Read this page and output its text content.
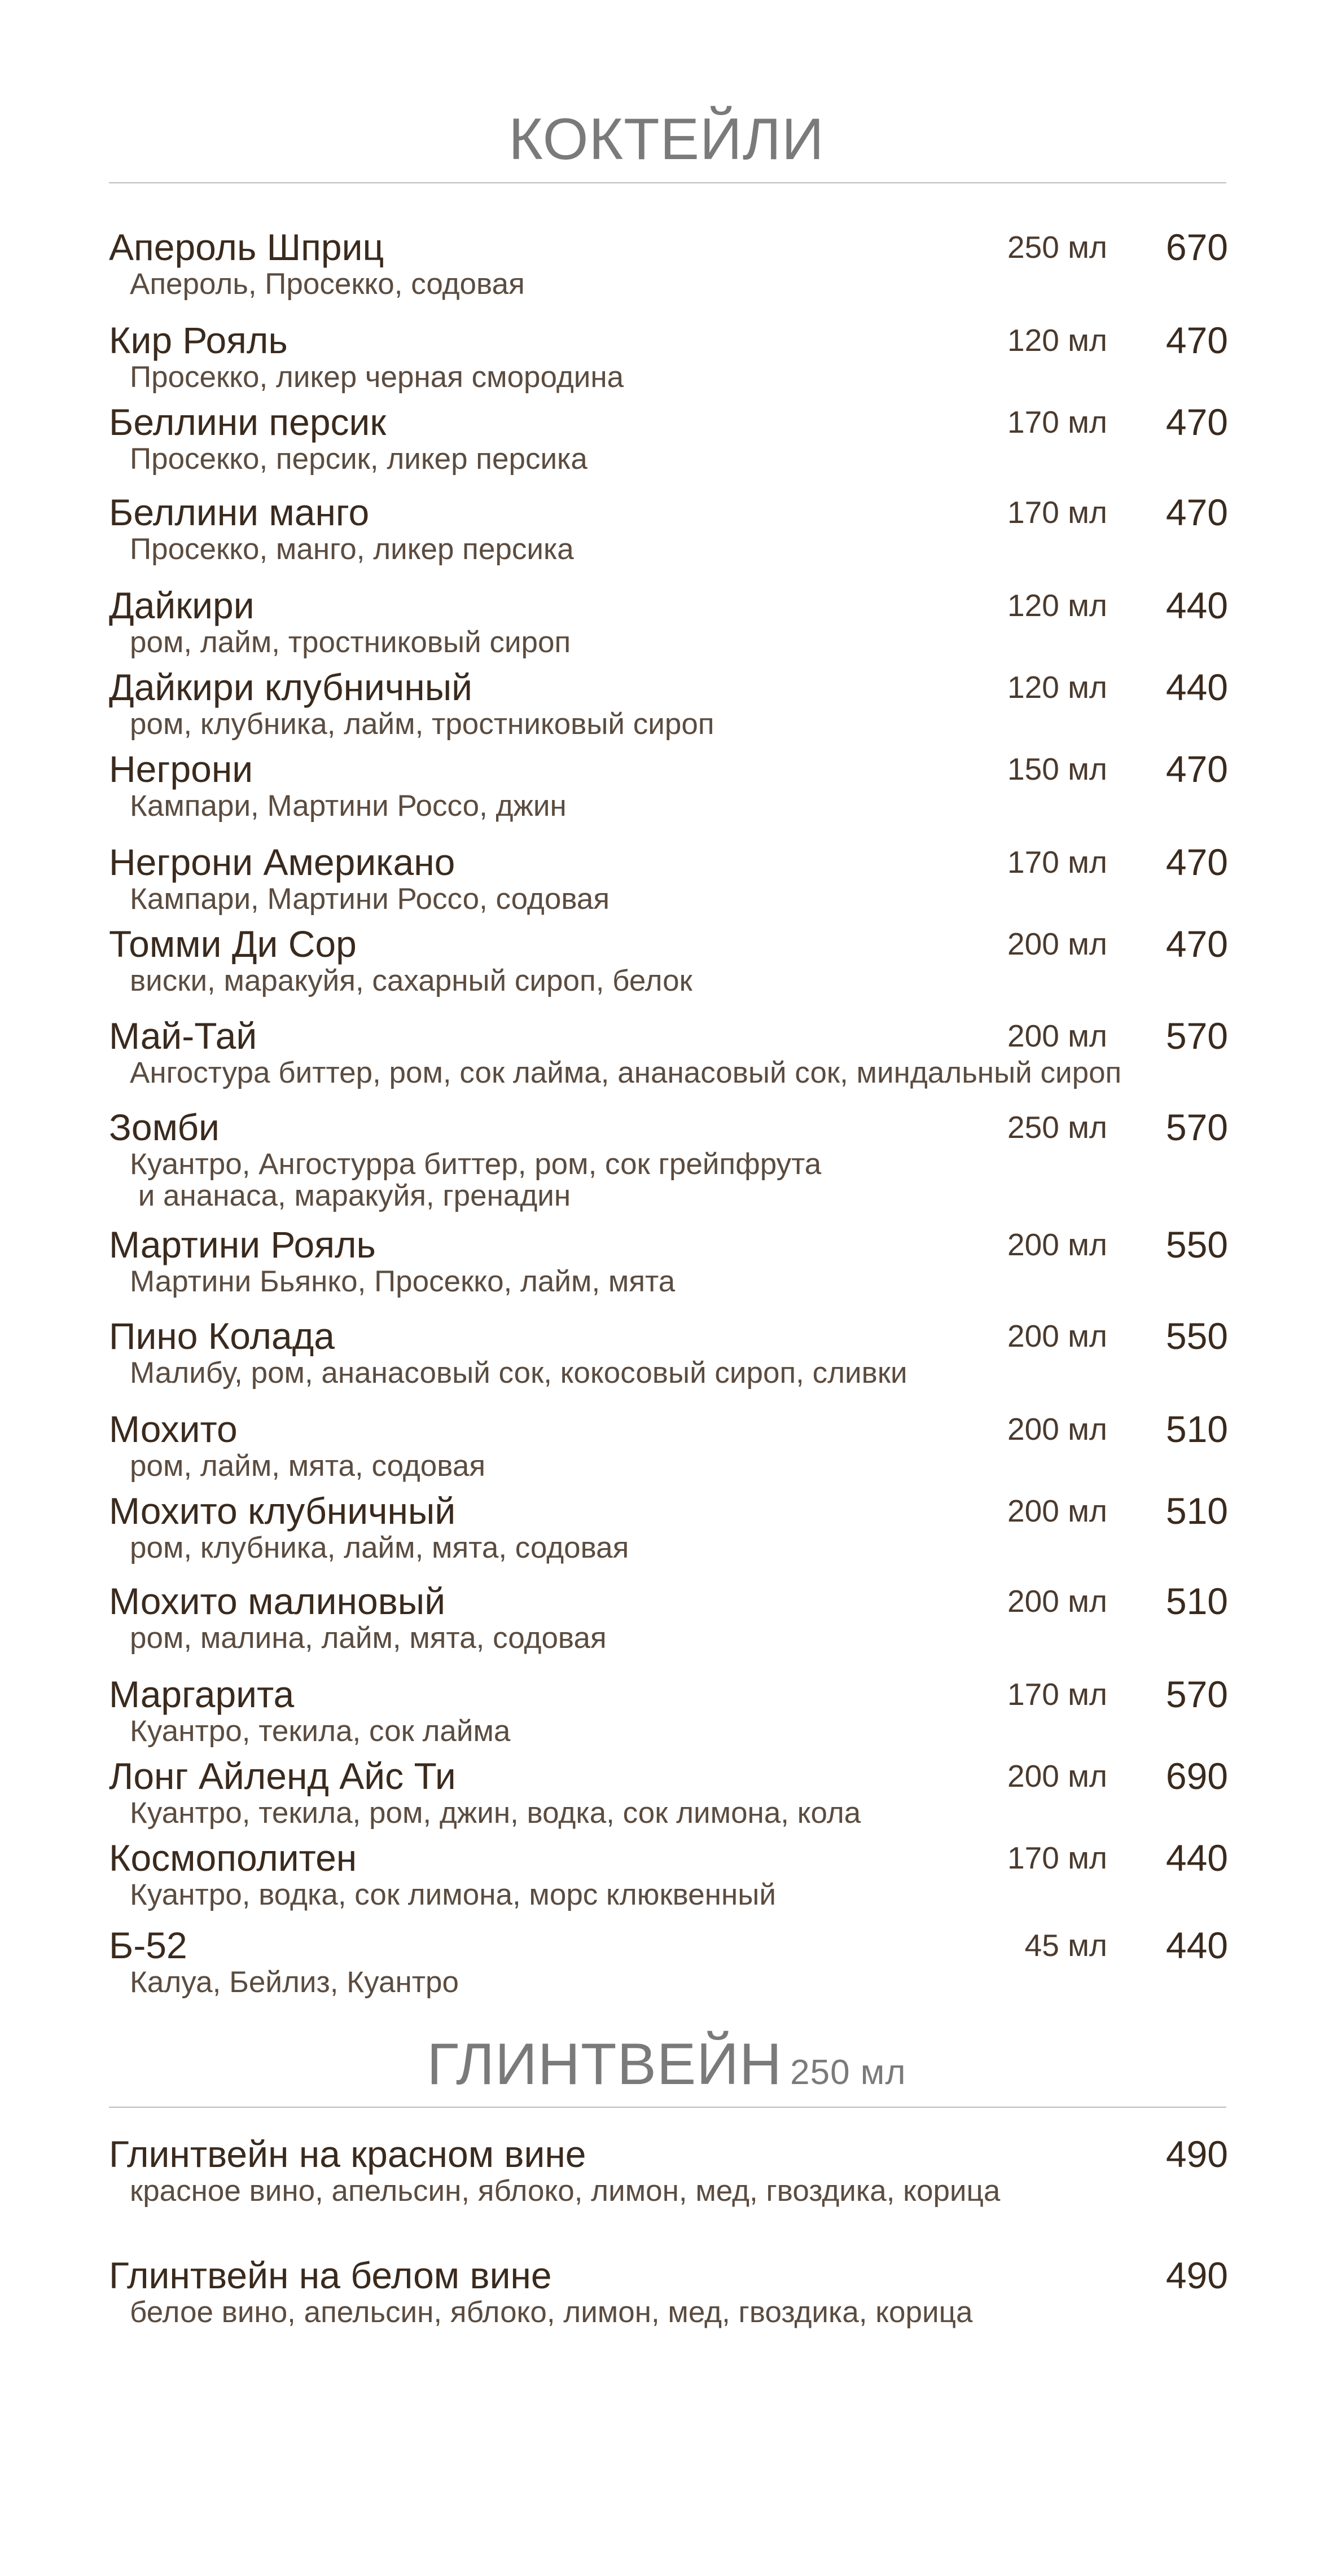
КОКТЕЙЛИ
Апероль Шприц
Апероль, Просекко, содовая
250 мл 670
Кир Рояль
Просекко, ликер черная смородина
120 мл 470
Беллини персик
Просекко, персик, ликер персика
170 мл 470
Беллини манго
Просекко, манго, ликер персика
170 мл 470
Дайкири
ром, лайм, тростниковый сироп
120 мл 440
Дайкири клубничный
ром, клубника, лайм, тростниковый сироп
120 мл 440
Негрони
Кампари, Мартини Россо, джин
150 мл 470
Негрони Американо
Кампари, Мартини Россо, содовая
170 мл 470
Томми Ди Сор
виски, маракуйя, сахарный сироп, белок
200 мл 470
Май-Тай
Ангостура биттер, ром, сок лайма, ананасовый сок, миндальный сироп
200 мл 570
Зомби
Куантро, Ангостурра биттер, ром, сок грейпфрута
и ананаса, маракуйя, гренадин
250 мл 570
Мартини Рояль
Мартини Бьянко, Просекко, лайм, мята
200 мл 550
Пино Колада
Малибу, ром, ананасовый сок, кокосовый сироп, сливки
200 мл 550
Мохито
ром, лайм, мята, содовая
200 мл 510
Мохито клубничный
ром, клубника, лайм, мята, содовая
200 мл 510
Мохито малиновый
ром, малина, лайм, мята, содовая
200 мл 510
Маргарита
Куантро, текила, сок лайма
170 мл 570
Лонг Айленд Айс Ти
Куантро, текила, ром, джин, водка, сок лимона, кола
200 мл 690
Космополитен
Куантро, водка, сок лимона, морс клюквенный
170 мл 440
Б-52
Калуа, Бейлиз, Куантро
45 мл 440
ГЛИНТВЕЙН 250 мл
Глинтвейн на красном вине
красное вино, апельсин, яблоко, лимон, мед, гвоздика, корица
490
Глинтвейн на белом вине
белое вино, апельсин, яблоко, лимон, мед, гвоздика, корица
490
